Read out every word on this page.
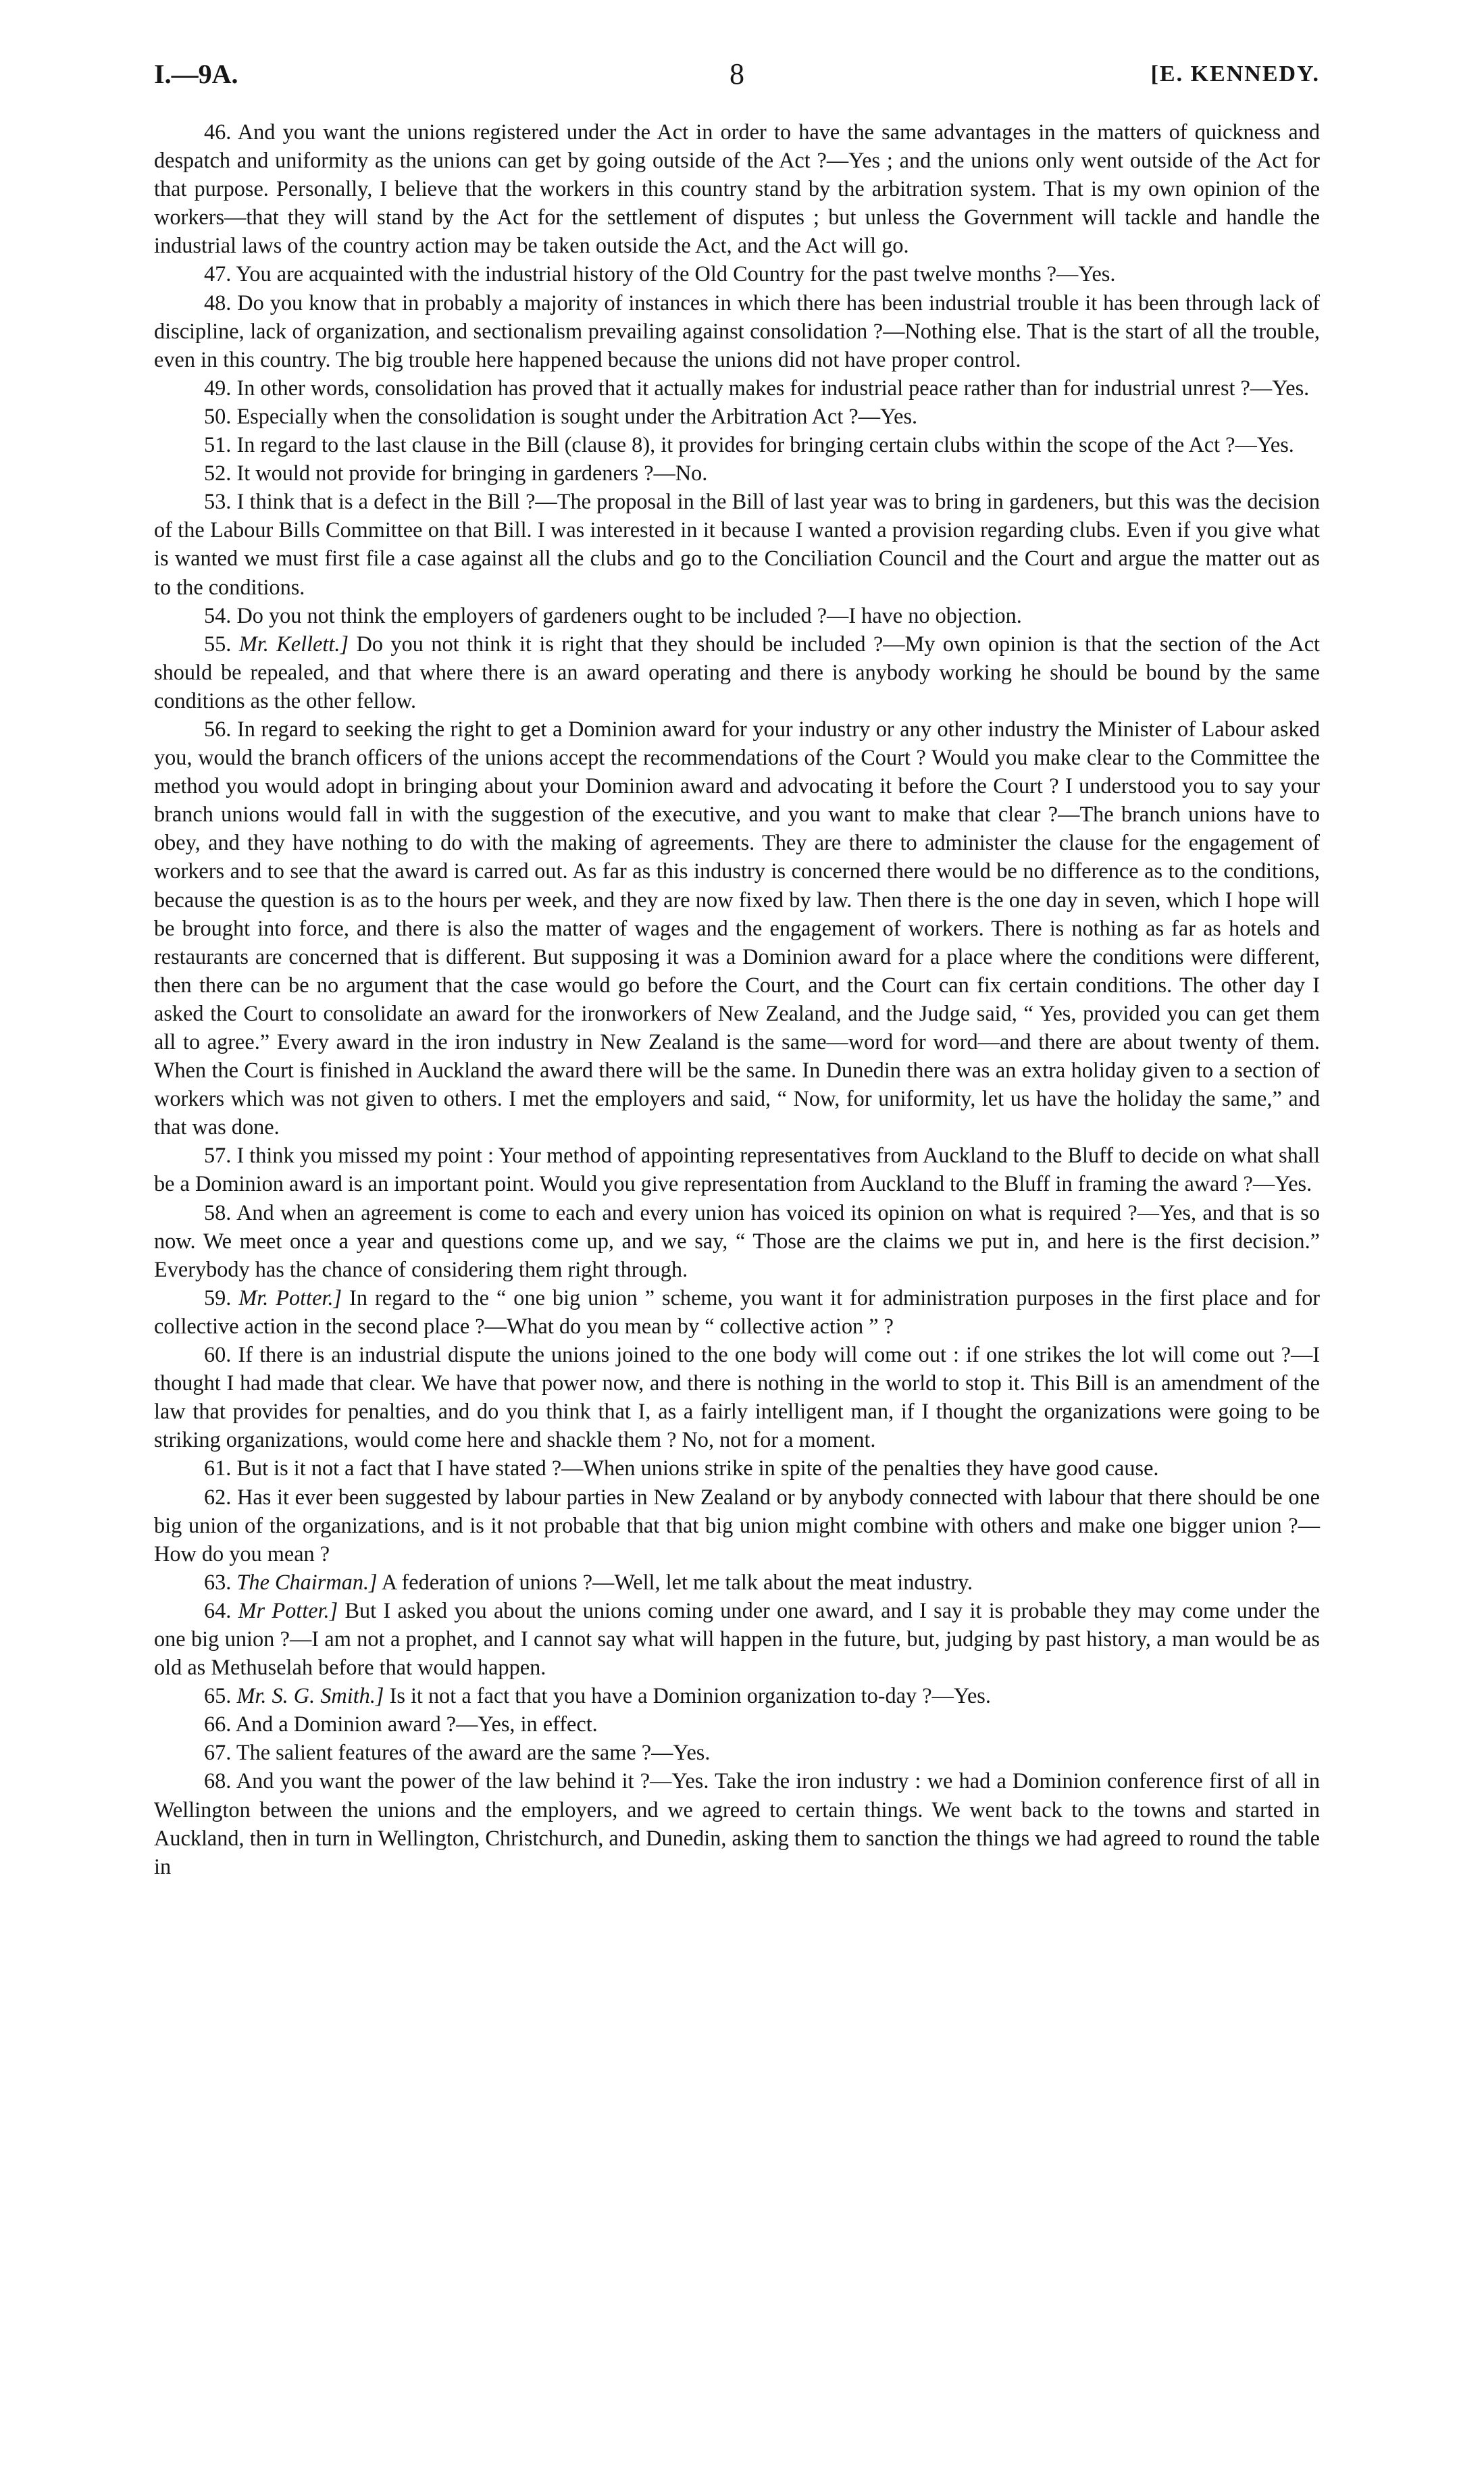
I.—9A.	8	[E. KENNEDY.

46. And you want the unions registered under the Act in order to have the same advantages in the matters of quickness and despatch and uniformity as the unions can get by going outside of the Act ?—Yes ; and the unions only went outside of the Act for that purpose. Personally, I believe that the workers in this country stand by the arbitration system. That is my own opinion of the workers—that they will stand by the Act for the settlement of disputes ; but unless the Government will tackle and handle the industrial laws of the country action may be taken outside the Act, and the Act will go.

47. You are acquainted with the industrial history of the Old Country for the past twelve months ?—Yes.

48. Do you know that in probably a majority of instances in which there has been industrial trouble it has been through lack of discipline, lack of organization, and sectionalism prevailing against consolidation ?—Nothing else. That is the start of all the trouble, even in this country. The big trouble here happened because the unions did not have proper control.

49. In other words, consolidation has proved that it actually makes for industrial peace rather than for industrial unrest ?—Yes.

50. Especially when the consolidation is sought under the Arbitration Act ?—Yes.

51. In regard to the last clause in the Bill (clause 8), it provides for bringing certain clubs within the scope of the Act ?—Yes.

52. It would not provide for bringing in gardeners ?—No.

53. I think that is a defect in the Bill ?—The proposal in the Bill of last year was to bring in gardeners, but this was the decision of the Labour Bills Committee on that Bill. I was interested in it because I wanted a provision regarding clubs. Even if you give what is wanted we must first file a case against all the clubs and go to the Conciliation Council and the Court and argue the matter out as to the conditions.

54. Do you not think the employers of gardeners ought to be included ?—I have no objection.

55. Mr. Kellett.] Do you not think it is right that they should be included ?—My own opinion is that the section of the Act should be repealed, and that where there is an award operating and there is anybody working he should be bound by the same conditions as the other fellow.

56. In regard to seeking the right to get a Dominion award for your industry or any other industry the Minister of Labour asked you, would the branch officers of the unions accept the recommendations of the Court ? Would you make clear to the Committee the method you would adopt in bringing about your Dominion award and advocating it before the Court ? I understood you to say your branch unions would fall in with the suggestion of the executive, and you want to make that clear ?—The branch unions have to obey, and they have nothing to do with the making of agreements. They are there to administer the clause for the engagement of workers and to see that the award is carred out. As far as this industry is concerned there would be no difference as to the conditions, because the question is as to the hours per week, and they are now fixed by law. Then there is the one day in seven, which I hope will be brought into force, and there is also the matter of wages and the engagement of workers. There is nothing as far as hotels and restaurants are concerned that is different. But supposing it was a Dominion award for a place where the conditions were different, then there can be no argument that the case would go before the Court, and the Court can fix certain conditions. The other day I asked the Court to consolidate an award for the ironworkers of New Zealand, and the Judge said, “ Yes, provided you can get them all to agree.” Every award in the iron industry in New Zealand is the same—word for word—and there are about twenty of them. When the Court is finished in Auckland the award there will be the same. In Dunedin there was an extra holiday given to a section of workers which was not given to others. I met the employers and said, “ Now, for uniformity, let us have the holiday the same,” and that was done.

57. I think you missed my point : Your method of appointing representatives from Auckland to the Bluff to decide on what shall be a Dominion award is an important point. Would you give representation from Auckland to the Bluff in framing the award ?—Yes.

58. And when an agreement is come to each and every union has voiced its opinion on what is required ?—Yes, and that is so now. We meet once a year and questions come up, and we say, “ Those are the claims we put in, and here is the first decision.” Everybody has the chance of considering them right through.

59. Mr. Potter.] In regard to the “ one big union ” scheme, you want it for administration purposes in the first place and for collective action in the second place ?—What do you mean by “ collective action ” ?

60. If there is an industrial dispute the unions joined to the one body will come out : if one strikes the lot will come out ?—I thought I had made that clear. We have that power now, and there is nothing in the world to stop it. This Bill is an amendment of the law that provides for penalties, and do you think that I, as a fairly intelligent man, if I thought the organizations were going to be striking organizations, would come here and shackle them ? No, not for a moment.

61. But is it not a fact that I have stated ?—When unions strike in spite of the penalties they have good cause.

62. Has it ever been suggested by labour parties in New Zealand or by anybody connected with labour that there should be one big union of the organizations, and is it not probable that that big union might combine with others and make one bigger union ?—How do you mean ?

63. The Chairman.] A federation of unions ?—Well, let me talk about the meat industry.

64. Mr Potter.] But I asked you about the unions coming under one award, and I say it is probable they may come under the one big union ?—I am not a prophet, and I cannot say what will happen in the future, but, judging by past history, a man would be as old as Methuselah before that would happen.

65. Mr. S. G. Smith.] Is it not a fact that you have a Dominion organization to-day ?—Yes.

66. And a Dominion award ?—Yes, in effect.

67. The salient features of the award are the same ?—Yes.

68. And you want the power of the law behind it ?—Yes. Take the iron industry : we had a Dominion conference first of all in Wellington between the unions and the employers, and we agreed to certain things. We went back to the towns and started in Auckland, then in turn in Wellington, Christchurch, and Dunedin, asking them to sanction the things we had agreed to round the table in
